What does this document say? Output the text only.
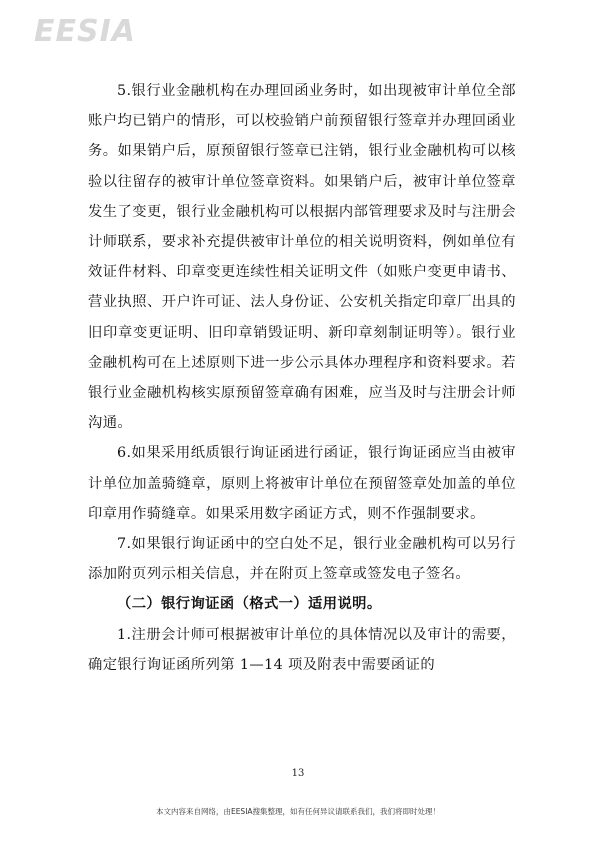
EESIA

5.银行业金融机构在办理回函业务时，如出现被审计单位全部账户均已销户的情形，可以校验销户前预留银行签章并办理回函业务。如果销户后，原预留银行签章已注销，银行业金融机构可以核验以往留存的被审计单位签章资料。如果销户后，被审计单位签章发生了变更，银行业金融机构可以根据内部管理要求及时与注册会计师联系，要求补充提供被审计单位的相关说明资料，例如单位有效证件材料、印章变更连续性相关证明文件（如账户变更申请书、营业执照、开户许可证、法人身份证、公安机关指定印章厂出具的旧印章变更证明、旧印章销毁证明、新印章刻制证明等）。银行业金融机构可在上述原则下进一步公示具体办理程序和资料要求。若银行业金融机构核实原预留签章确有困难，应当及时与注册会计师沟通。

6.如果采用纸质银行询证函进行函证，银行询证函应当由被审计单位加盖骑缝章，原则上将被审计单位在预留签章处加盖的单位印章用作骑缝章。如果采用数字函证方式，则不作强制要求。

7.如果银行询证函中的空白处不足，银行业金融机构可以另行添加附页列示相关信息，并在附页上签章或签发电子签名。

（二）银行询证函（格式一）适用说明。

1.注册会计师可根据被审计单位的具体情况以及审计的需要，确定银行询证函所列第 1—14 项及附表中需要函证的

13
本文内容来自网络，由EESIA搜集整理，如有任何异议请联系我们，我们将即时处理！
